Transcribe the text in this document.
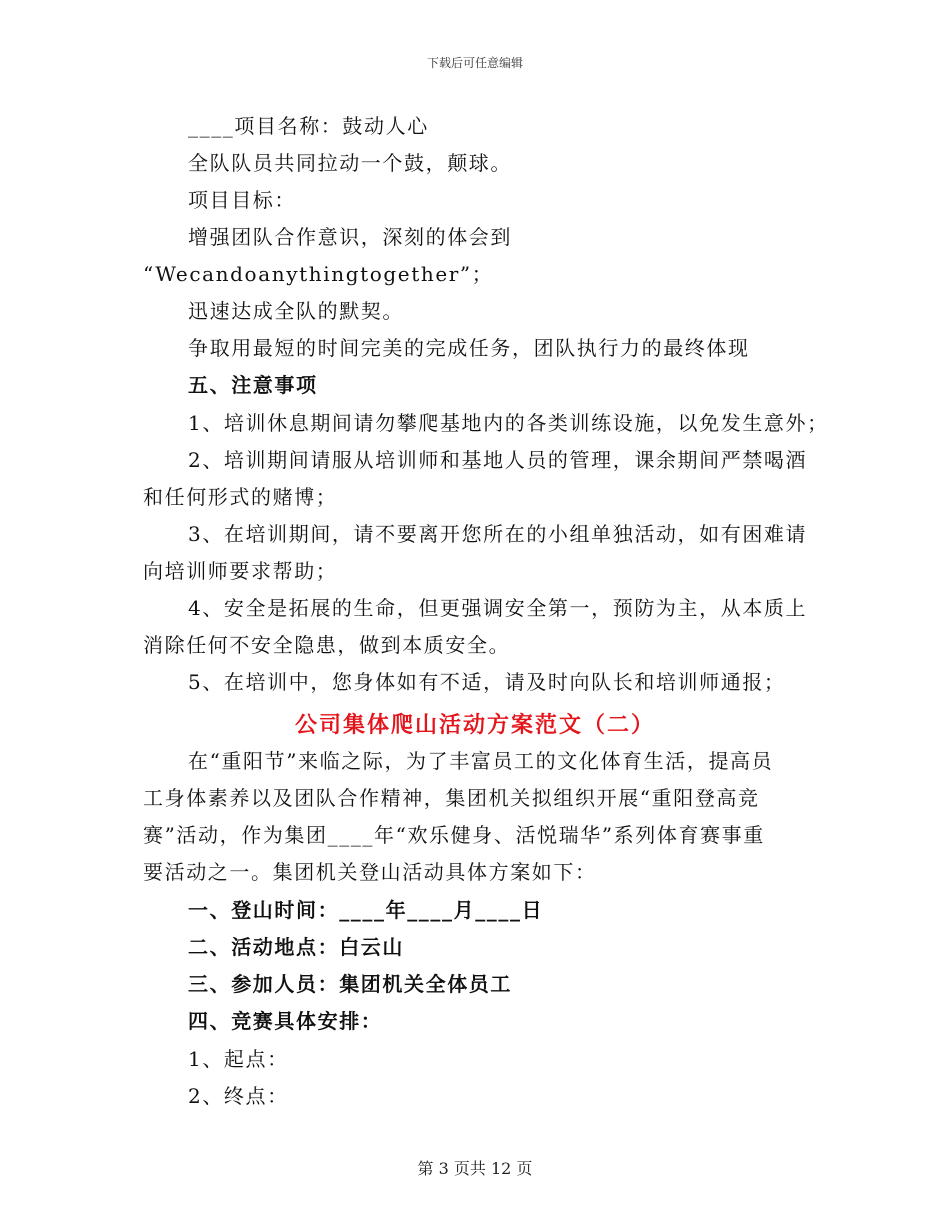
下载后可任意编辑
____项目名称：鼓动人心
全队队员共同拉动一个鼓，颠球。
项目目标：
增强团队合作意识，深刻的体会到
“Wecandoanythingtogether”；
迅速达成全队的默契。
争取用最短的时间完美的完成任务，团队执行力的最终体现
五、注意事项
1、培训休息期间请勿攀爬基地内的各类训练设施，以免发生意外；
2、培训期间请服从培训师和基地人员的管理，课余期间严禁喝酒
和任何形式的赌博；
3、在培训期间，请不要离开您所在的小组单独活动，如有困难请
向培训师要求帮助；
4、安全是拓展的生命，但更强调安全第一，预防为主，从本质上
消除任何不安全隐患，做到本质安全。
5、在培训中，您身体如有不适，请及时向队长和培训师通报；
公司集体爬山活动方案范文（二）
在“重阳节”来临之际，为了丰富员工的文化体育生活，提高员
工身体素养以及团队合作精神，集团机关拟组织开展“重阳登高竞
赛”活动，作为集团____年“欢乐健身、活悦瑞华”系列体育赛事重
要活动之一。集团机关登山活动具体方案如下：
一、登山时间：____年____月____日
二、活动地点：白云山
三、参加人员：集团机关全体员工
四、竞赛具体安排：
1、起点：
2、终点：
第 3 页共 12 页
